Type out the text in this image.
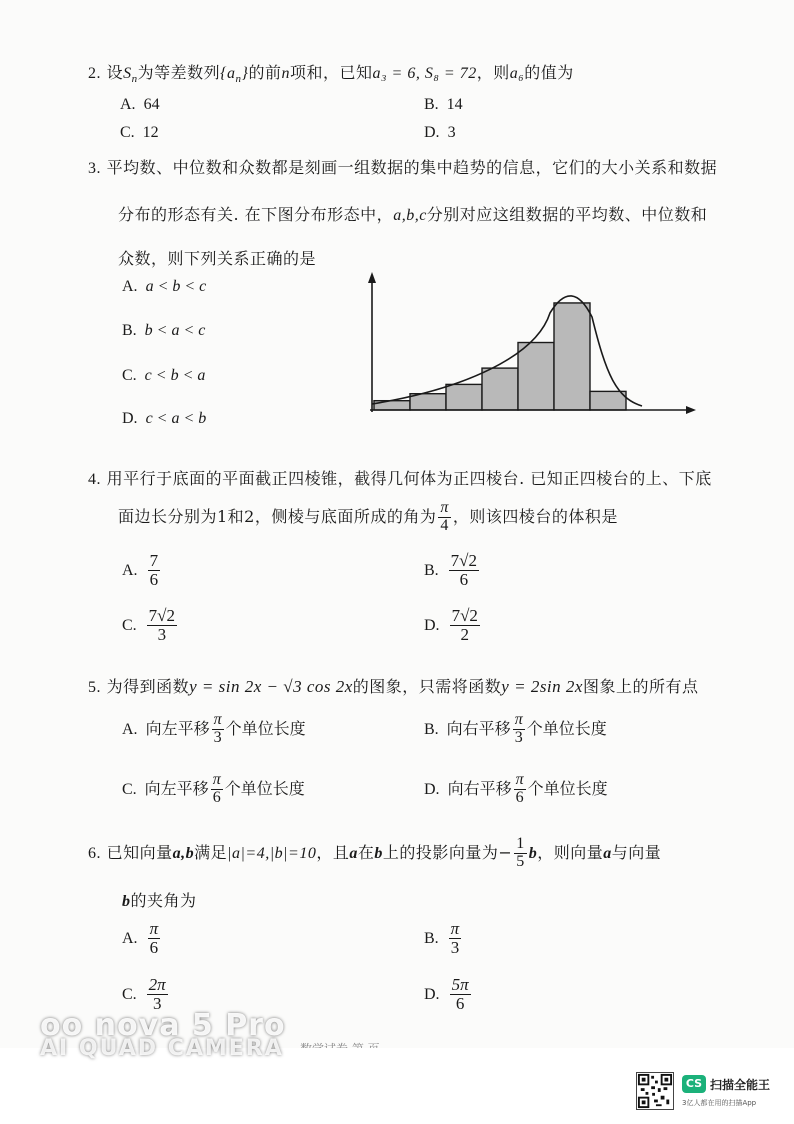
2. 设$S_n$为等差数列$\{a_n\}$的前n项和，已知a₃ = 6, S₈ = 72，则a₆的值为
A. 64	B. 14
C. 12	D. 3
3. 平均数、中位数和众数都是刻画一组数据的集中趋势的信息，它们的大小关系和数据
分布的形态有关. 在下图分布形态中，a,b,c分别对应这组数据的平均数、中位数和
众数，则下列关系正确的是
A. a < b < c
B. b < a < c
C. c < b < a
D. c < a < b
4. 用平行于底面的平面截正四棱锥，截得几何体为正四棱台. 已知正四棱台的上、下底
面边长分别为1和2，侧棱与底面所成的角为 $\frac{\pi}{4}$ ，则该四棱台的体积是
A. $\frac{7}{6}$	B. $\frac{7√2}{6}$
C. $\frac{7√2}{3}$	D. $\frac{7√2}{2}$
5. 为得到函数y = sin 2x − √3 cos 2x的图象，只需将函数y = 2sin 2x图象上的所有点
A. 向左平移 $\frac{\pi}{3}$ 个单位长度	B. 向右平移 $\frac{\pi}{3}$ 个单位长度
C. 向左平移 $\frac{\pi}{6}$ 个单位长度	D. 向右平移 $\frac{\pi}{6}$ 个单位长度
6. 已知向量a,b满足|a|=4,|b|=10，且a在b上的投影向量为− $\frac{1}{5}$ b，则向量a与向量
b的夹角为
A. $\frac{\pi}{6}$	B. $\frac{\pi}{3}$
C. $\frac{2\pi}{3}$	D. $\frac{5\pi}{6}$
oo nova 5 Pro
CS 扫描全能王
3亿人都在用的扫描App
